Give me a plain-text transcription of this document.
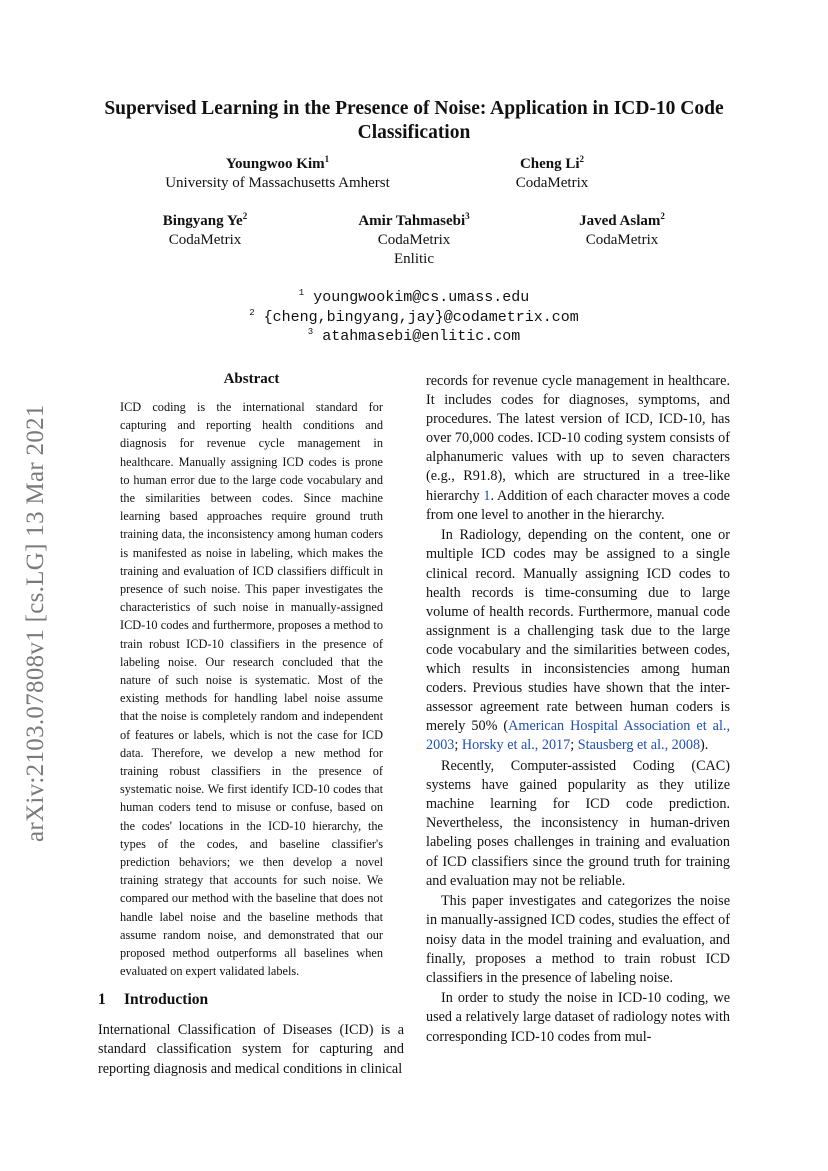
Supervised Learning in the Presence of Noise: Application in ICD-10 Code Classification
Youngwoo Kim$^1$
University of Massachusetts Amherst
Cheng Li$^2$
CodaMetrix
Bingyang Ye$^2$
CodaMetrix
Amir Tahmasebi$^3$
CodaMetrix
Enlitic
Javed Aslam$^2$
CodaMetrix
$^1$ youngwookim@cs.umass.edu
$^2$ {cheng,bingyang,jay}@codametrix.com
$^3$ atahmasebi@enlitic.com
arXiv:2103.07808v1 [cs.LG] 13 Mar 2021
Abstract
ICD coding is the international standard for capturing and reporting health conditions and diagnosis for revenue cycle management in healthcare. Manually assigning ICD codes is prone to human error due to the large code vocabulary and the similarities between codes. Since machine learning based approaches require ground truth training data, the inconsistency among human coders is manifested as noise in labeling, which makes the training and evaluation of ICD classifiers difficult in presence of such noise. This paper investigates the characteristics of such noise in manually-assigned ICD-10 codes and furthermore, proposes a method to train robust ICD-10 classifiers in the presence of labeling noise. Our research concluded that the nature of such noise is systematic. Most of the existing methods for handling label noise assume that the noise is completely random and independent of features or labels, which is not the case for ICD data. Therefore, we develop a new method for training robust classifiers in the presence of systematic noise. We first identify ICD-10 codes that human coders tend to misuse or confuse, based on the codes' locations in the ICD-10 hierarchy, the types of the codes, and baseline classifier's prediction behaviors; we then develop a novel training strategy that accounts for such noise. We compared our method with the baseline that does not handle label noise and the baseline methods that assume random noise, and demonstrated that our proposed method outperforms all baselines when evaluated on expert validated labels.
1 Introduction
International Classification of Diseases (ICD) is a standard classification system for capturing and reporting diagnosis and medical conditions in clinical

records for revenue cycle management in healthcare. It includes codes for diagnoses, symptoms, and procedures. The latest version of ICD, ICD-10, has over 70,000 codes. ICD-10 coding system consists of alphanumeric values with up to seven characters (e.g., R91.8), which are structured in a tree-like hierarchy 1. Addition of each character moves a code from one level to another in the hierarchy.

In Radiology, depending on the content, one or multiple ICD codes may be assigned to a single clinical record. Manually assigning ICD codes to health records is time-consuming due to large volume of health records. Furthermore, manual code assignment is a challenging task due to the large code vocabulary and the similarities between codes, which results in inconsistencies among human coders. Previous studies have shown that the inter-assessor agreement rate between human coders is merely 50% (American Hospital Association et al., 2003; Horsky et al., 2017; Stausberg et al., 2008).

Recently, Computer-assisted Coding (CAC) systems have gained popularity as they utilize machine learning for ICD code prediction. Nevertheless, the inconsistency in human-driven labeling poses challenges in training and evaluation of ICD classifiers since the ground truth for training and evaluation may not be reliable.

This paper investigates and categorizes the noise in manually-assigned ICD codes, studies the effect of noisy data in the model training and evaluation, and finally, proposes a method to train robust ICD classifiers in the presence of labeling noise.

In order to study the noise in ICD-10 coding, we used a relatively large dataset of radiology notes with corresponding ICD-10 codes from mul-
